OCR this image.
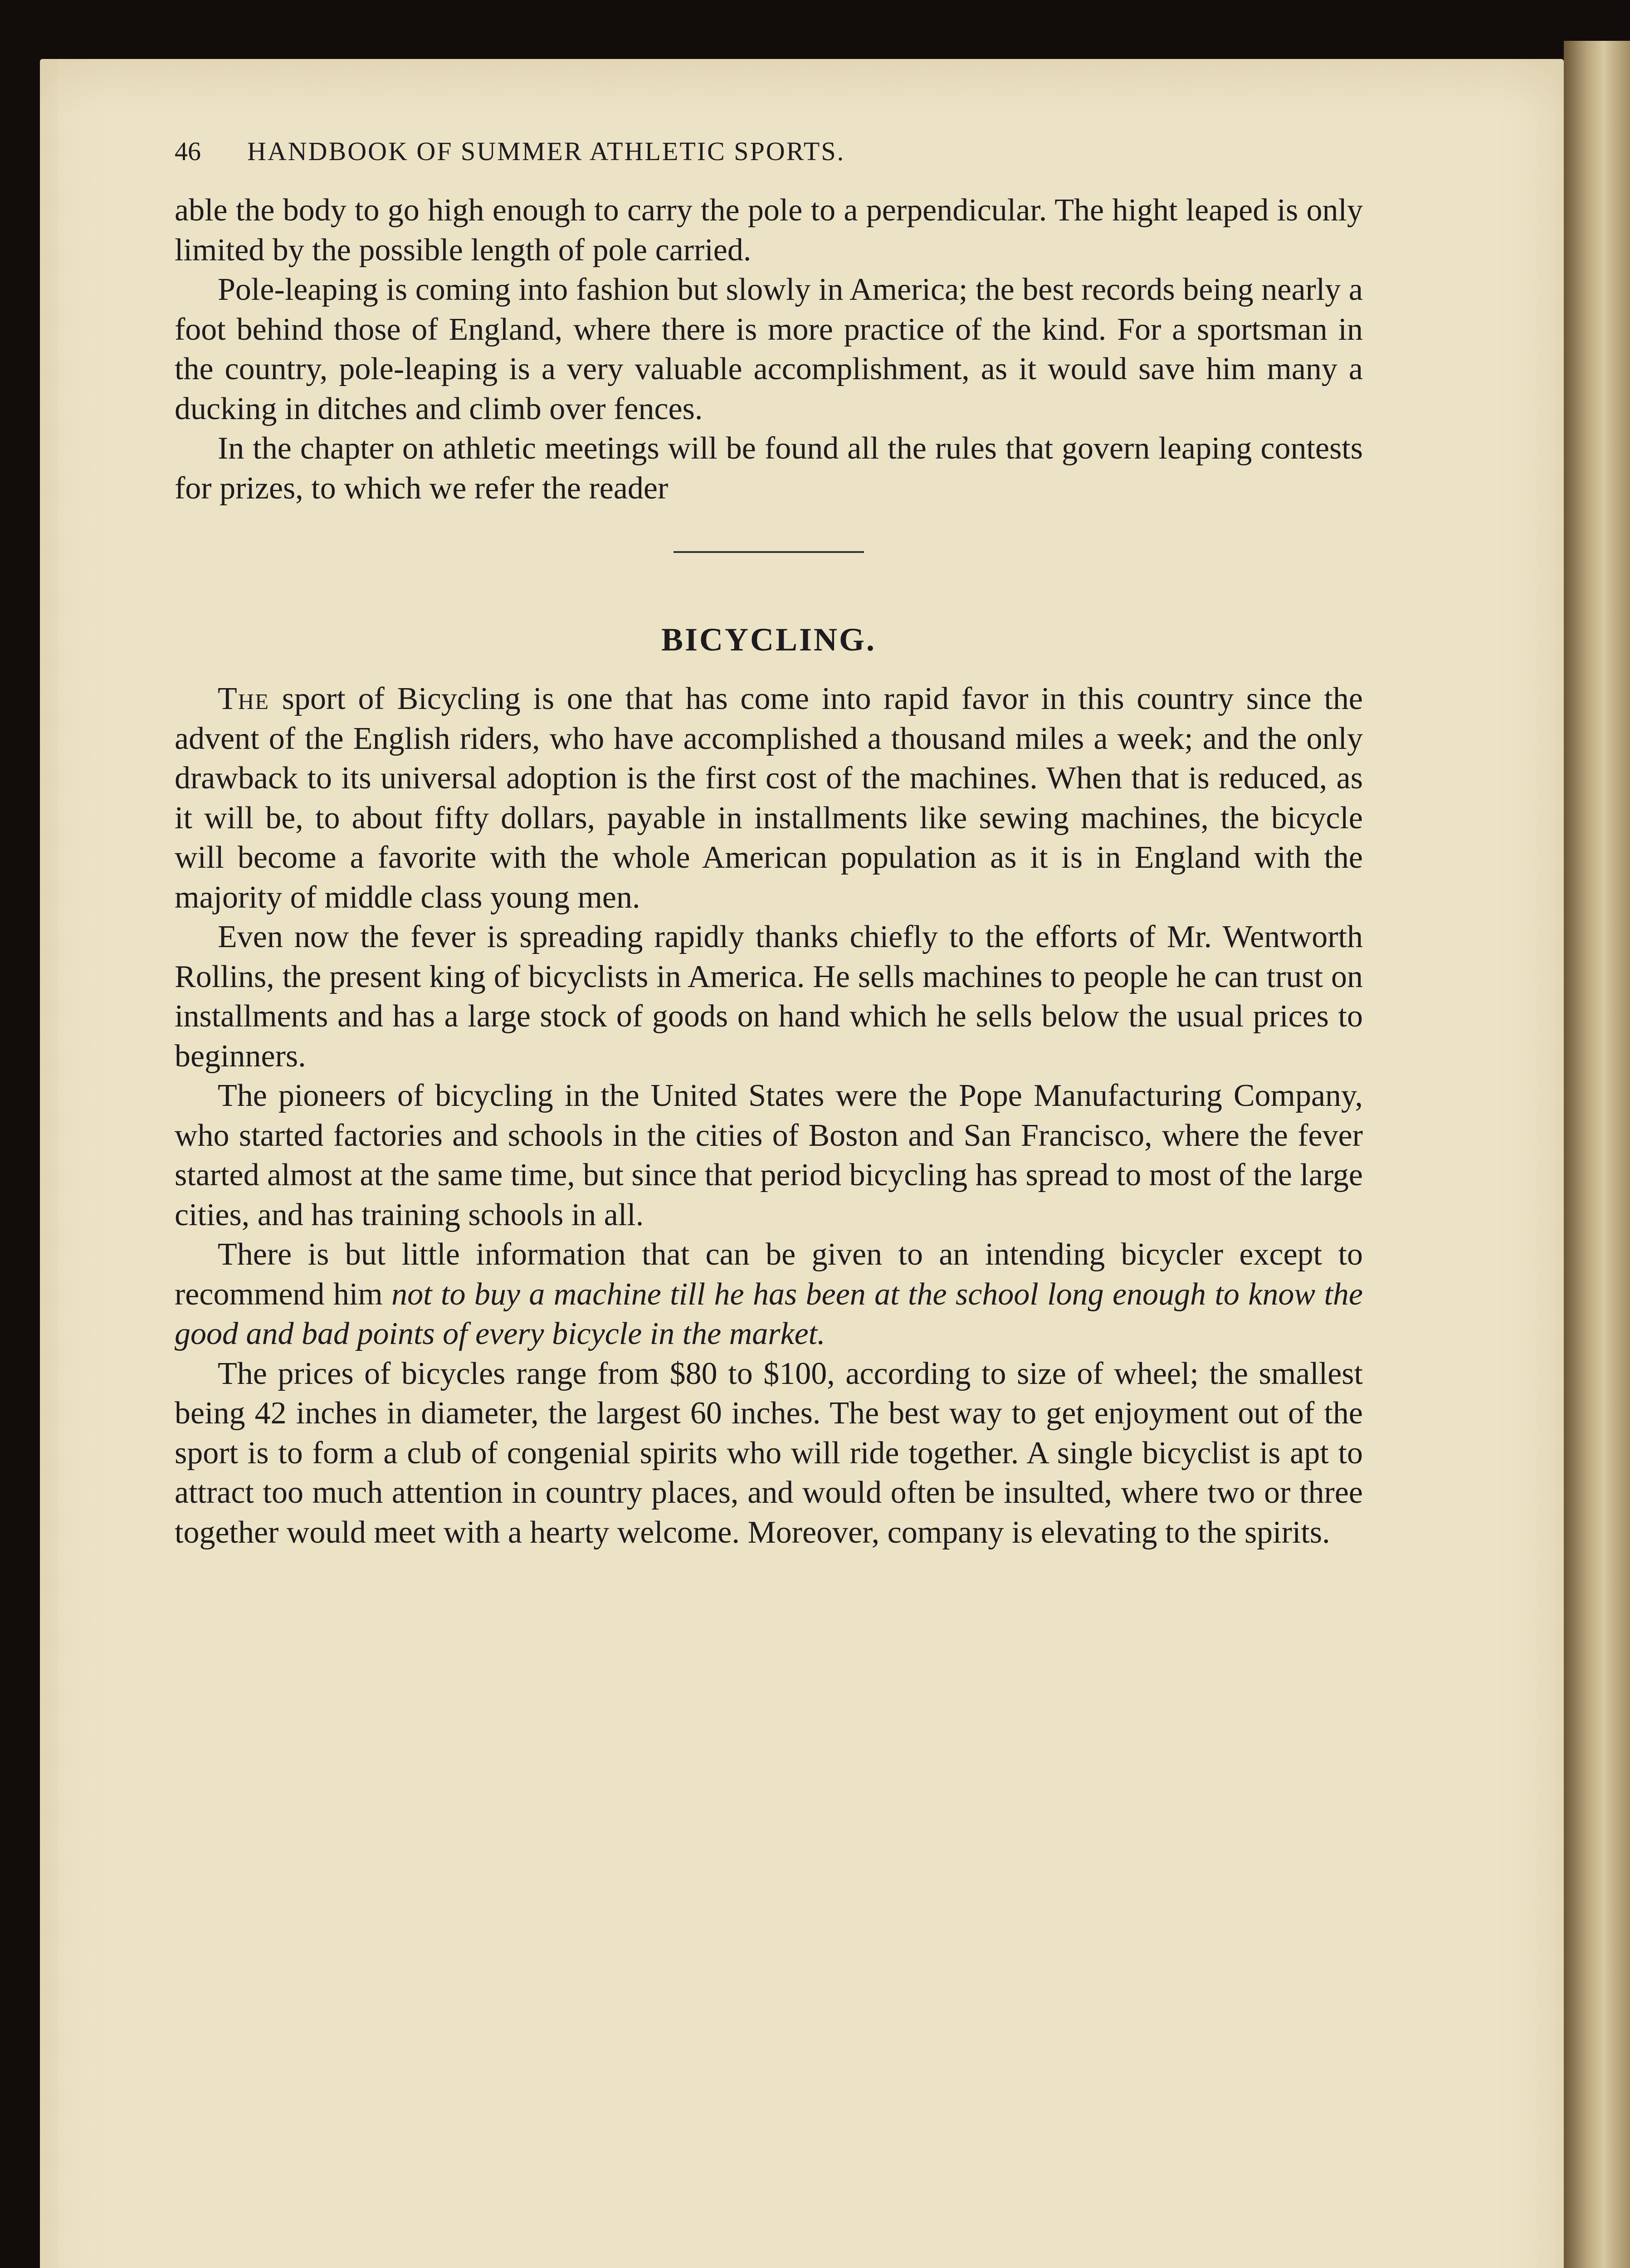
46	HANDBOOK OF SUMMER ATHLETIC SPORTS.

able the body to go high enough to carry the pole to a perpendicular. The hight leaped is only limited by the possible length of pole carried.

Pole-leaping is coming into fashion but slowly in America; the best records being nearly a foot behind those of England, where there is more practice of the kind. For a sportsman in the country, pole-leaping is a very valuable accomplishment, as it would save him many a ducking in ditches and climb over fences.

In the chapter on athletic meetings will be found all the rules that govern leaping contests for prizes, to which we refer the reader

BICYCLING.

The sport of Bicycling is one that has come into rapid favor in this country since the advent of the English riders, who have accomplished a thousand miles a week; and the only drawback to its universal adoption is the first cost of the machines. When that is reduced, as it will be, to about fifty dollars, payable in installments like sewing machines, the bicycle will become a favorite with the whole American population as it is in England with the majority of middle class young men.

Even now the fever is spreading rapidly thanks chiefly to the efforts of Mr. Wentworth Rollins, the present king of bicyclists in America. He sells machines to people he can trust on installments and has a large stock of goods on hand which he sells below the usual prices to beginners.

The pioneers of bicycling in the United States were the Pope Manufacturing Company, who started factories and schools in the cities of Boston and San Francisco, where the fever started almost at the same time, but since that period bicycling has spread to most of the large cities, and has training schools in all.

There is but little information that can be given to an intending bicycler except to recommend him not to buy a machine till he has been at the school long enough to know the good and bad points of every bicycle in the market.

The prices of bicycles range from $80 to $100, according to size of wheel; the smallest being 42 inches in diameter, the largest 60 inches. The best way to get enjoyment out of the sport is to form a club of congenial spirits who will ride together. A single bicyclist is apt to attract too much attention in country places, and would often be insulted, where two or three together would meet with a hearty welcome. Moreover, company is elevating to the spirits.
